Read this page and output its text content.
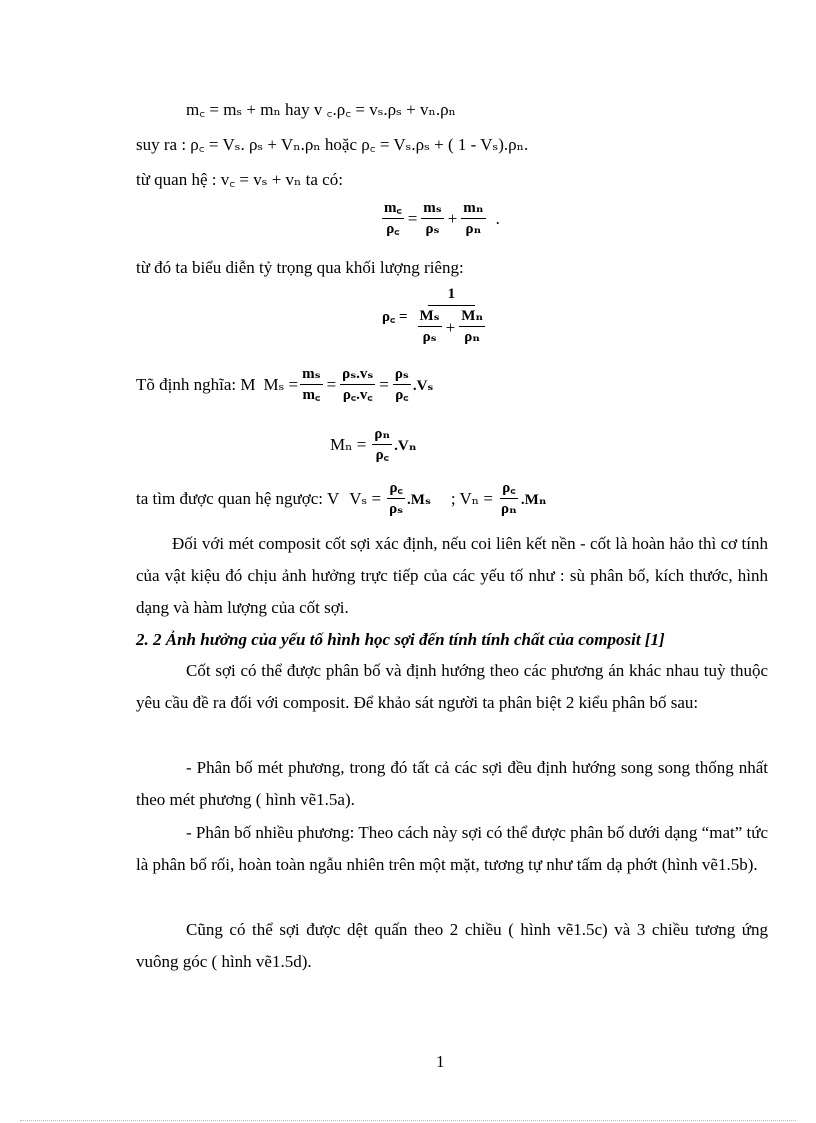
m꜀ = mₛ + mₙ hay v ꜀.ρ꜀ = vₛ.ρₛ + vₙ.ρₙ
suy ra : ρ꜀ = Vₛ. ρₛ + Vₙ.ρₙ hoặc ρ꜀ = Vₛ.ρₛ + ( 1 - Vₛ).ρₙ.
từ quan hệ : v꜀ = vₛ + vₙ ta có:
$\frac{m꜀}{\rho꜀} = \frac{\text{mₛ}}{\text{ρₛ}} + \frac{\text{mₙ}}{\text{ρₙ}}$ .
từ đó ta biểu diễn tỷ trọng qua khối lượng riêng:
ρ꜀ = $\frac{1}{\frac{\text{Mₛ}}{\text{ρₛ}} + \frac{\text{Mₙ}}{\text{ρₙ}}}$
Tõ định nghĩa: M $M_s = \frac{\text{mₛ}}{m꜀} = \frac{\text{ρₛ.vₛ}}{\rho꜀.v꜀} = \frac{\text{ρₛ}}{\rho꜀} .V_s$
$M_n = \frac{\text{ρₙ}}{\rho꜀} .V_n$
ta tìm được quan hệ ngược: V $V_s = \frac{\rho꜀}{\text{ρₛ}} .M_s$ ; $V_n = \frac{\rho꜀}{\text{ρₙ}} .M_n$
Đối với mét composit cốt sợi xác định, nếu coi liên kết nền - cốt là hoàn hảo thì cơ tính của vật kiệu đó chịu ảnh hưởng trực tiếp của các yếu tố như : sù phân bố, kích thước, hình dạng và hàm lượng của cốt sợi.
2. 2 Ảnh hưởng của yếu tố hình học sợi đến tính tính chất của composit [1]
Cốt sợi có thể được phân bố và định hướng theo các phương án khác nhau tuỳ thuộc yêu cầu đề ra đối với composit. Để khảo sát người ta phân biệt 2 kiểu phân bố sau:
- Phân bố mét phương, trong đó tất cả các sợi đều định hướng song song thống nhất theo mét phương ( hình vẽ1.5a).
- Phân bố nhiều phương: Theo cách này sợi có thể được phân bố dưới dạng “mat” tức là phân bố rối, hoàn toàn ngẫu nhiên trên một mặt, tương tự như tấm dạ phớt (hình vẽ1.5b).
Cũng có thể sợi được dệt quấn theo 2 chiều ( hình vẽ1.5c) và 3 chiều tương ứng vuông góc ( hình vẽ1.5d).
1
